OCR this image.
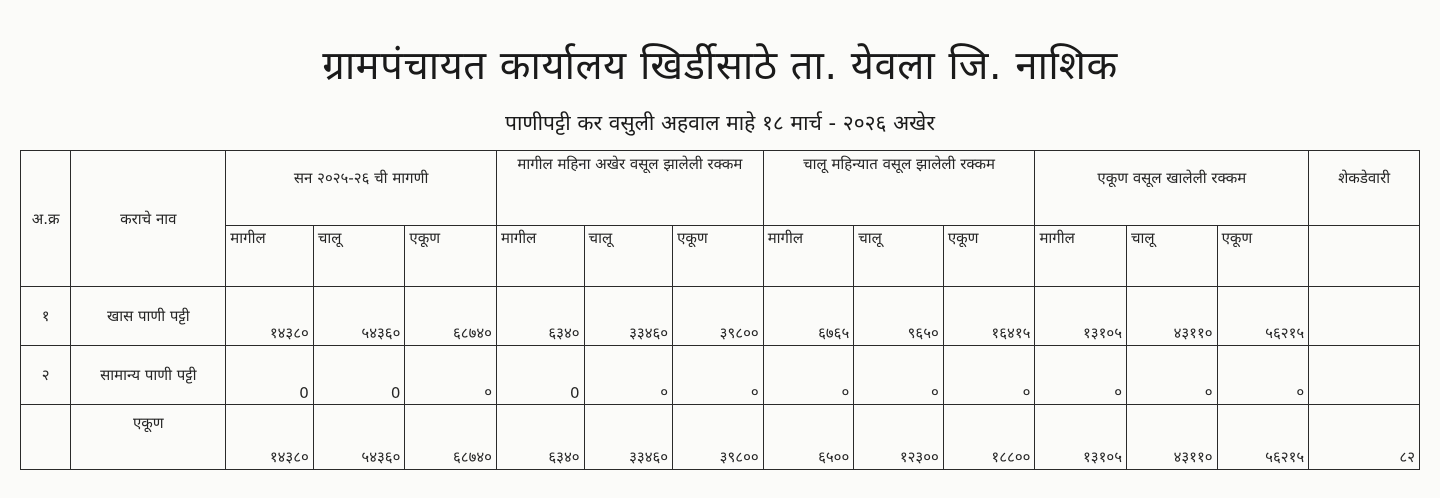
ग्रामपंचायत कार्यालय खिर्डीसाठे ता. येवला जि. नाशिक
पाणीपट्टी कर वसुली अहवाल माहे १८ मार्च - २०२६ अखेर
अ.क्र	कराचे नाव	सन २०२५-२६ ची मागणी			मागील महिना अखेर वसूल झालेली रक्कम			चालू महिन्यात वसूल झालेली रक्कम			एकूण वसूल खालेली रक्कम			शेकडेवारी
		मागील	चालू	एकूण	मागील	चालू	एकूण	मागील	चालू	एकूण	मागील	चालू	एकूण	
१	खास पाणी पट्टी	१४३८०	५४३६०	६८७४०	६३४०	३३४६०	३९८००	६७६५	९६५०	१६४१५	१३१०५	४३११०	५६२१५	
२	सामान्य पाणी पट्टी	0	0	०	0	०	०	०	०	०	०	०	०	
	एकूण	१४३८०	५४३६०	६८७४०	६३४०	३३४६०	३९८००	६५००	१२३००	१८८००	१३१०५	४३११०	५६२१५	८२
